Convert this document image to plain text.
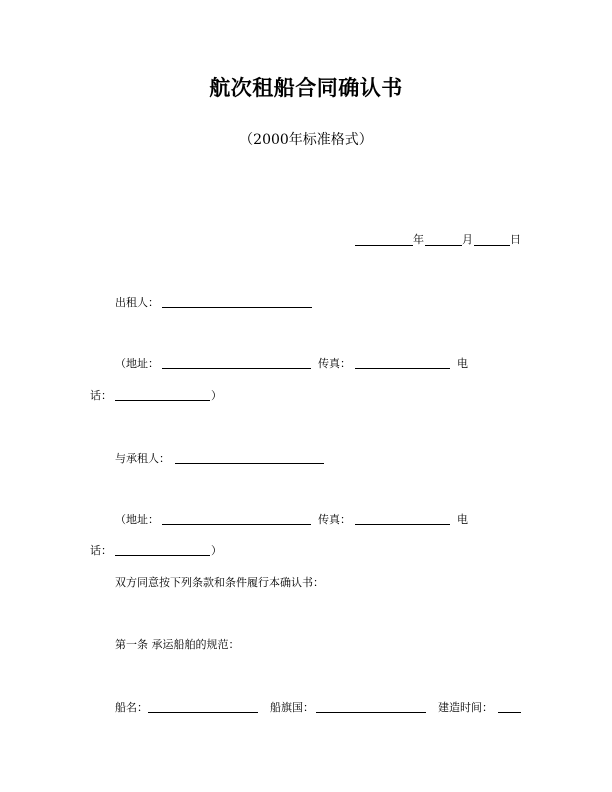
航次租船合同确认书
（2000年标准格式）
年	月	日
出租人：
（地址：	传真：	电
话：	）
与承租人：
（地址：	传真：	电
话：	）
双方同意按下列条款和条件履行本确认书：
第一条 承运船舶的规范：
船名：	船旗国：	建造时间：
